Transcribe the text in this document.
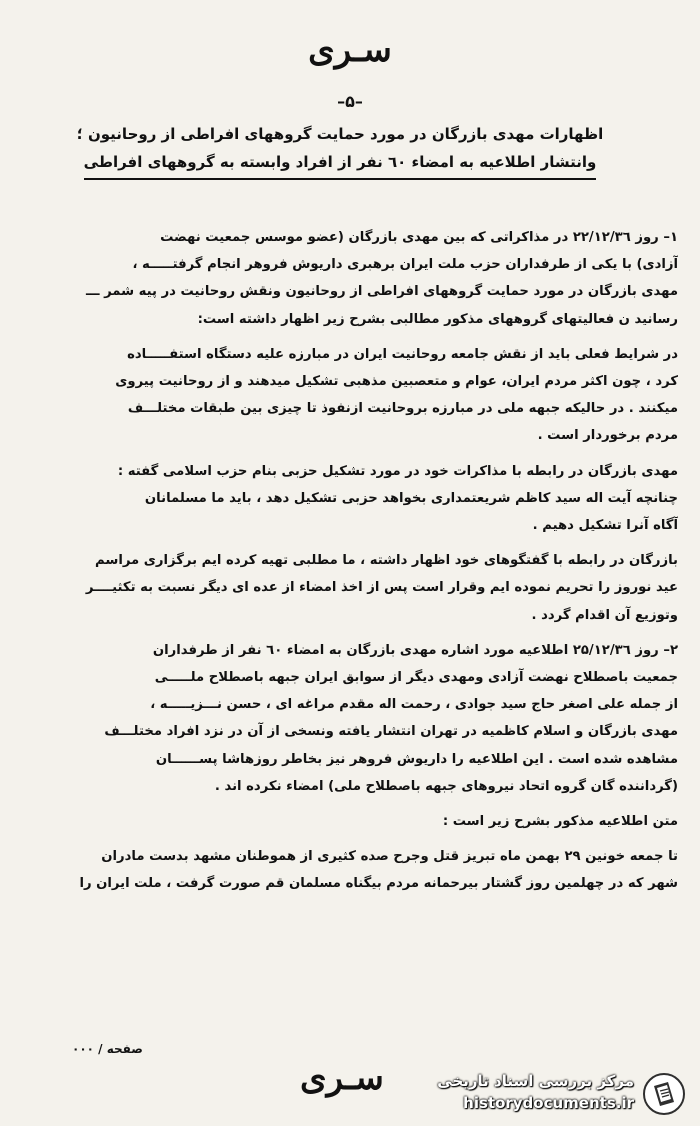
سـری
–۵–
اظهارات مهدی بازرگان در مورد حمایت گروههای افراطی از روحانیون ؛
وانتشار اطلاعیه به امضاء ٦۰ نفر از افراد وابسته به گروههای افراطی

۱– روز ۲۲/۱۲/۳٦ در مذاکراتی که بین مهدی بازرگان (عضو موسس جمعیت نهضت
آزادی) با یکی از طرفداران حزب ملت ایران برهبری داریوش فروهر انجام گرفتـــــه ،
مهدی بازرگان در مورد حمایت گروههای افراطی از روحانیون ونقش روحانیت در پیه شمر ـــ
رسانید ن فعالیتهای گروههای مذکور مطالبی بشرح زیر اظهار داشته است:

در شرایط فعلی باید از نقش جامعه روحانیت ایران در مبارزه علیه دستگاه استفـــــاده
کرد ، چون اکثر مردم ایران، عوام و متعصبین مذهبی تشکیل میدهند و از روحانیت پیروی
میکنند . در حالیکه جبهه ملی در مبارزه بروحانیت ازنفوذ تا چیزی بین طبقات مختلـــف
مردم برخوردار است .

مهدی بازرگان در رابطه با مذاکرات خود در مورد تشکیل حزبی بنام حزب اسلامی گفته :
چنانچه آیت اله سید کاظم شریعتمداری بخواهد حزبی تشکیل دهد ، باید ما مسلمانان
آگاه آنرا تشکیل دهیم .

بازرگان در رابطه با گفتگوهای خود اظهار داشته ، ما مطلبی تهیه کرده ایم برگزاری مراسم
عید نوروز را تحریم نموده ایم وقرار است پس از اخذ امضاء از عده ای دیگر نسبت به تکثیــــر
وتوزیع آن اقدام گردد .

۲– روز ۲۵/۱۲/۳٦ اطلاعیه مورد اشاره مهدی بازرگان به امضاء ٦۰ نفر از طرفداران
جمعیت باصطلاح نهضت آزادی ومهدی دیگر از سوابق ایران جبهه باصطلاح ملـــــی
از جمله علی اصغر حاج سید جوادی ، رحمت اله مقدم مراغه ای ، حسن نـــزیـــــه ،
مهدی بازرگان و اسلام کاظمیه در تهران انتشار یافته ونسخی از آن در نزد افراد مختلـــف
مشاهده شده است . این اطلاعیه را داریوش فروهر نیز بخاطر روزهاشا پســــــان
(گرداننده گان گروه اتحاد نیروهای جبهه باصطلاح ملی) امضاء نکرده اند .

متن اطلاعیه مذکور بشرح زیر است :

تا جمعه خونین ۲۹ بهمن ماه تبریز قتل وجرح صده کثیری از هموطنان مشهد بدست مادران
شهر که در چهلمین روز گشتار بیرحمانه مردم بیگناه مسلمان قم صورت گرفت ، ملت ایران را

صفحه / ۰۰۰
سـری	مرکز بررسی اسناد تاریخی
historydocuments.ir
